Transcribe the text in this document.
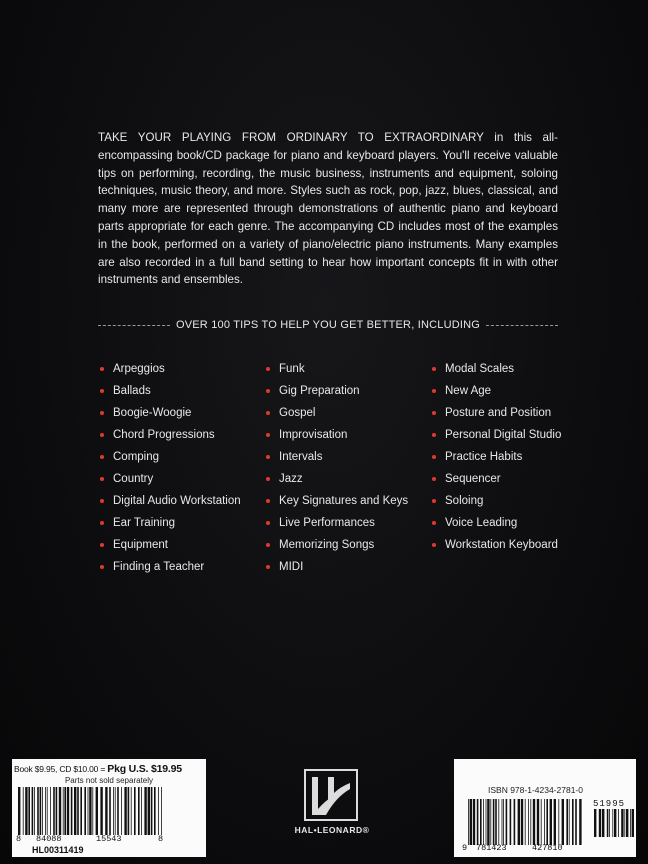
TAKE YOUR PLAYING FROM ORDINARY TO EXTRAORDINARY in this all-encompassing book/CD package for piano and keyboard players. You'll receive valuable tips on performing, recording, the music business, instruments and equipment, soloing techniques, music theory, and more. Styles such as rock, pop, jazz, blues, classical, and many more are represented through demonstrations of authentic piano and keyboard parts appropriate for each genre. The accompanying CD includes most of the examples in the book, performed on a variety of piano/electric piano instruments. Many examples are also recorded in a full band setting to hear how important concepts fit in with other instruments and ensembles.
OVER 100 TIPS TO HELP YOU GET BETTER, INCLUDING
Arpeggios
Ballads
Boogie-Woogie
Chord Progressions
Comping
Country
Digital Audio Workstation
Ear Training
Equipment
Finding a Teacher
Funk
Gig Preparation
Gospel
Improvisation
Intervals
Jazz
Key Signatures and Keys
Live Performances
Memorizing Songs
MIDI
Modal Scales
New Age
Posture and Position
Personal Digital Studio
Practice Habits
Sequencer
Soloing
Voice Leading
Workstation Keyboard
Book $9.95, CD $10.00 = Pkg U.S. $19.95
Parts not sold separately
8 84088	15543	8
HL00311419
HAL•LEONARD®
ISBN 978-1-4234-2781-0
51995
9 781423	427810
